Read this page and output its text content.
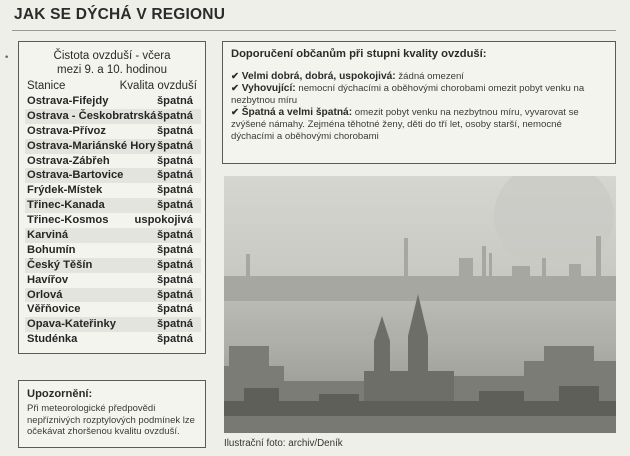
JAK SE DÝCHÁ V REGIONU
•	Čistota ovzduší - včera
mezi 9. a 10. hodinou
Stanice	Kvalita ovzduší
Ostrava-Fifejdy	špatná
Ostrava - Českobratrská špatná
Ostrava-Přívoz	špatná
Ostrava-Mariánské Hory špatná
Ostrava-Zábřeh	špatná
Ostrava-Bartovice	špatná
Frýdek-Místek	špatná
Třinec-Kanada	špatná
Třinec-Kosmos uspokojivá
Karviná	špatná
Bohumín	špatná
Český Těšín	špatná
Havířov	špatná
Orlová	špatná
Věřňovice	špatná
Opava-Kateřinky	špatná
Studénka	špatná
Doporučení občanům při stupni kvality ovzduší:
✔ Velmi dobrá, dobrá, uspokojivá: žádná omezení
✔ Vyhovující: nemocní dýchacími a oběhovými chorobami omezit pobyt venku na nezbytnou míru
✔ Špatná a velmi špatná: omezit pobyt venku na nezbytnou míru, vyvarovat se zvýšené námahy. Zejména těhotné ženy, děti do tří let, osoby starší, nemocné dýchacími a oběhovými chorobami
Ilustrační foto: archiv/Deník
Upozornění:
Při meteorologické předpovědi nepříznivých rozptylových podmínek lze očekávat zhoršenou kvalitu ovzduší.
